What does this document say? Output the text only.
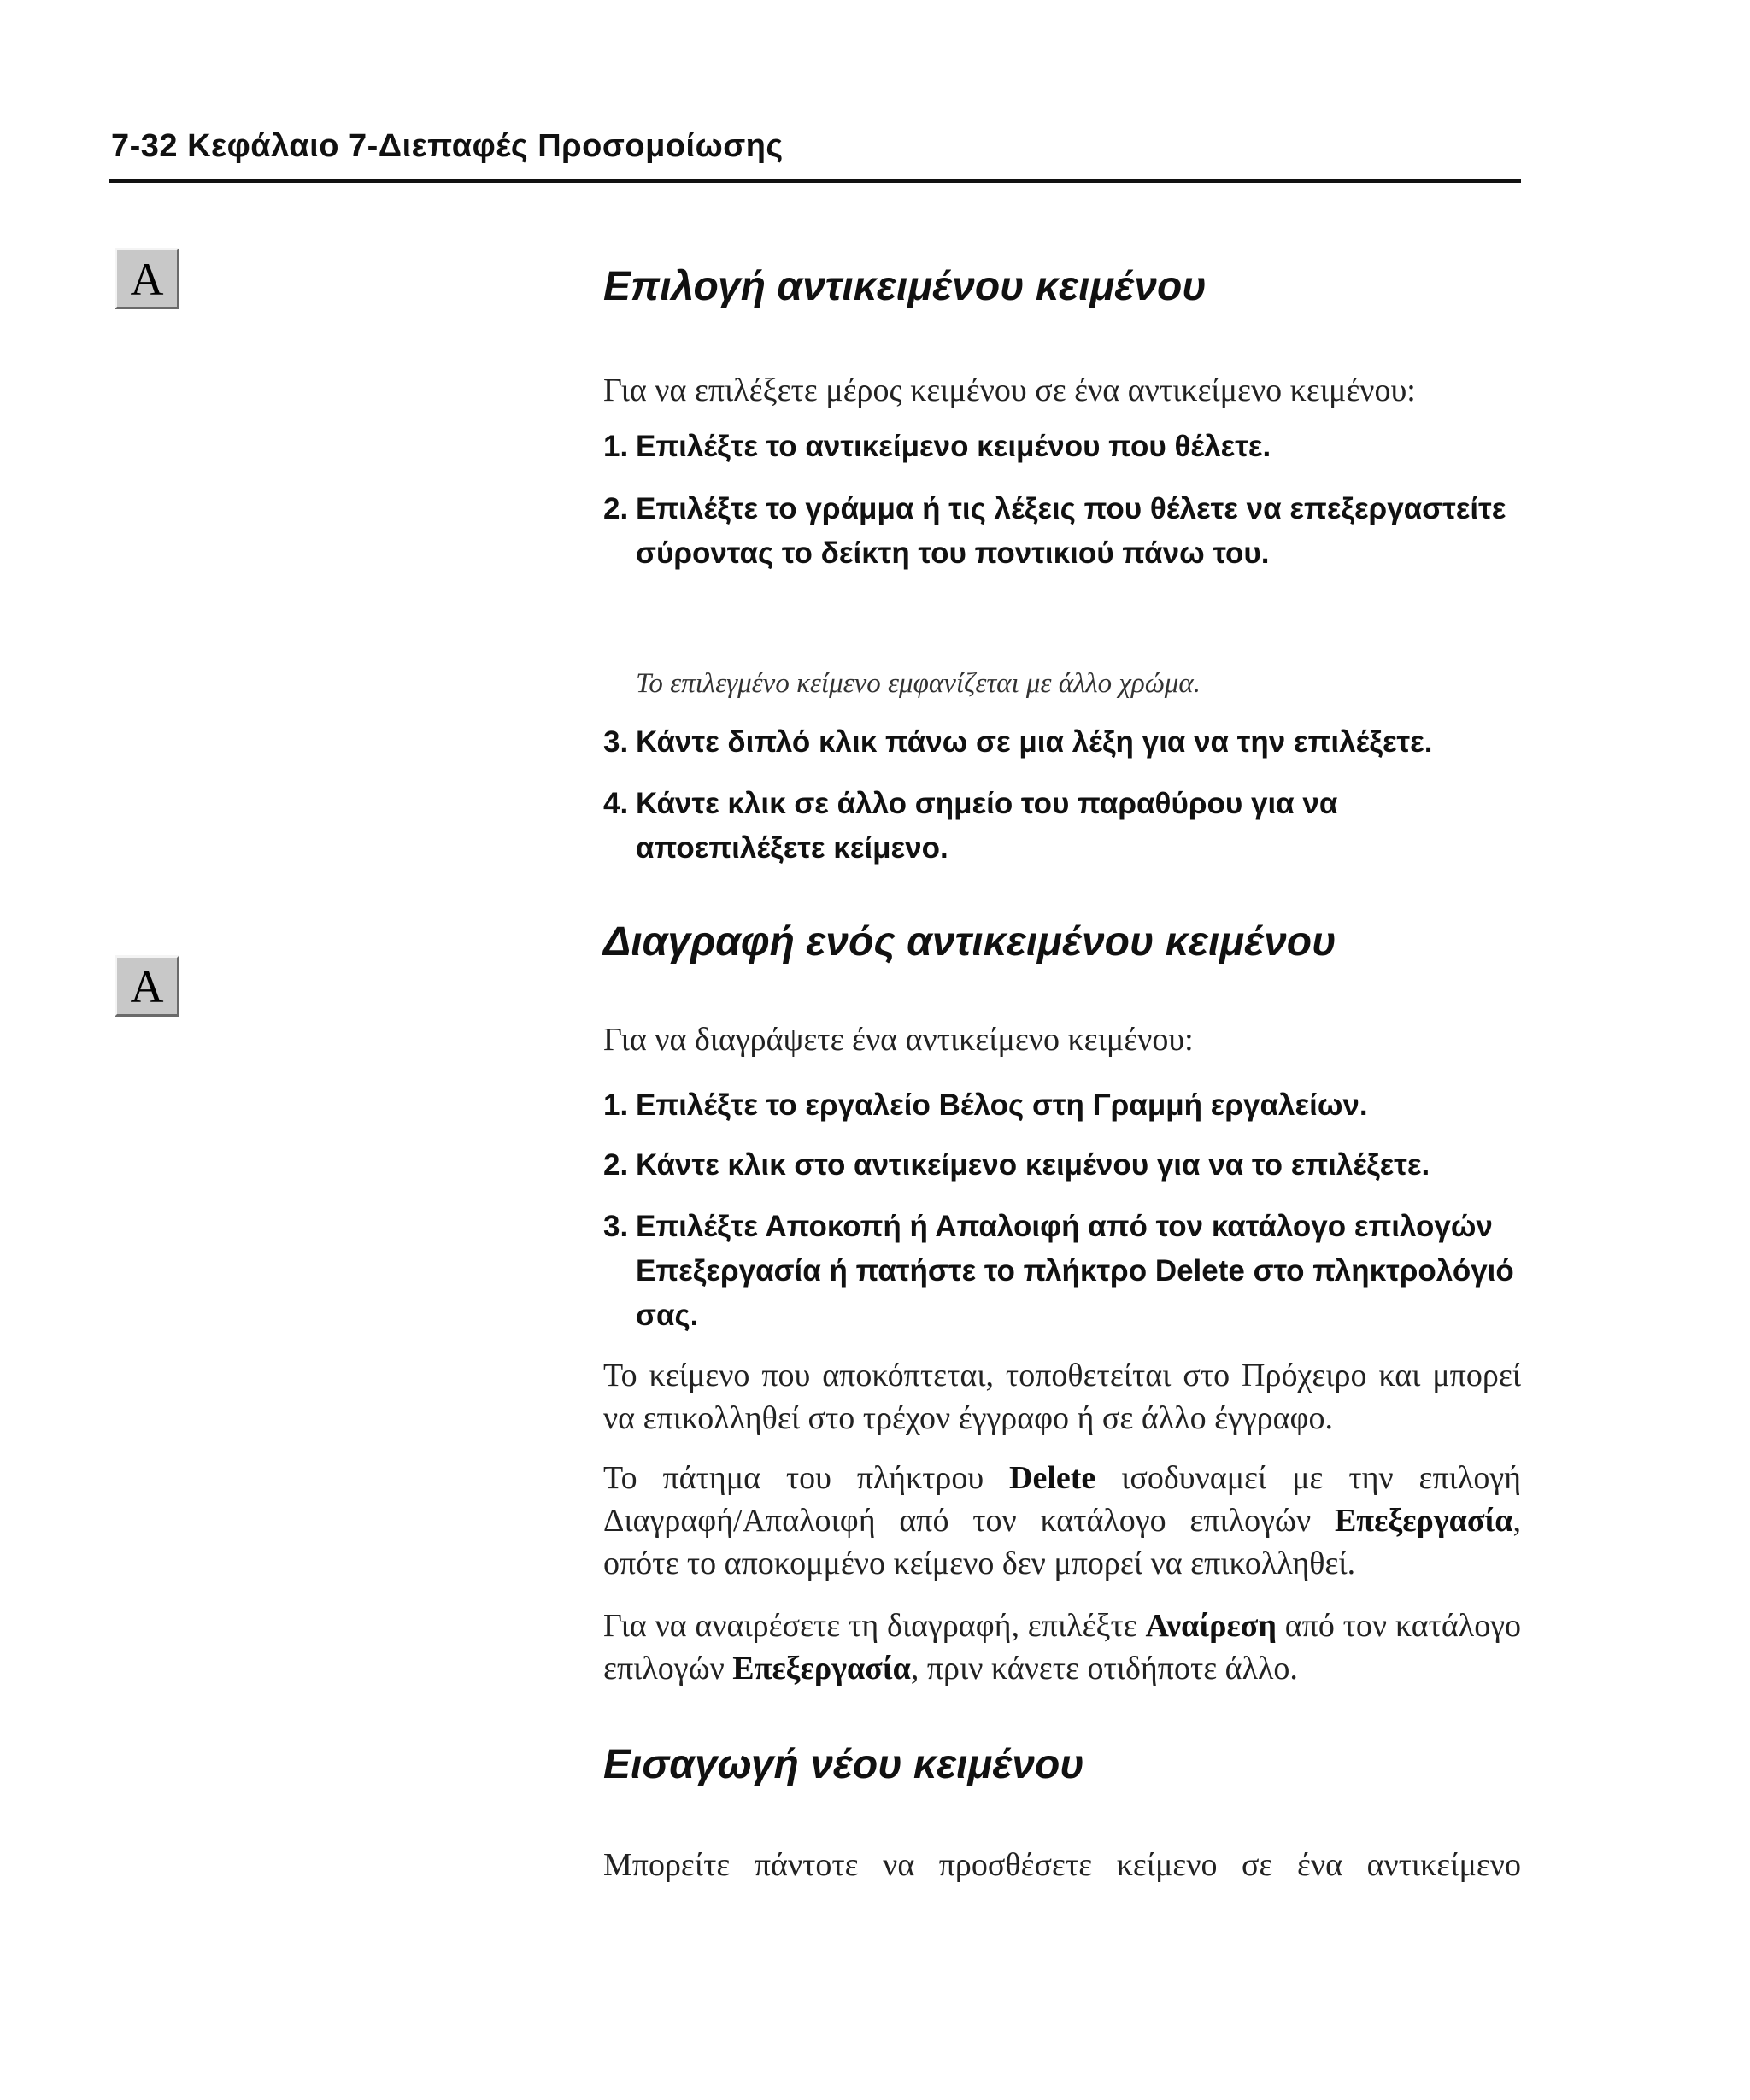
7-32 Κεφάλαιο 7-Διεπαφές Προσομοίωσης
A
A
Επιλογή αντικειμένου κειμένου
Για να επιλέξετε μέρος κειμένου σε ένα αντικείμενο κειμένου:
1. Επιλέξτε το αντικείμενο κειμένου που θέλετε.
2. Επιλέξτε το γράμμα ή τις λέξεις που θέλετε να επεξεργαστείτε σύροντας το δείκτη του ποντικιού πάνω του.
Το επιλεγμένο κείμενο εμφανίζεται με άλλο χρώμα.
3. Κάντε διπλό κλικ πάνω σε μια λέξη για να την επιλέξετε.
4. Κάντε κλικ σε άλλο σημείο του παραθύρου για να αποεπιλέξετε κείμενο.
Διαγραφή ενός αντικειμένου κειμένου
Για να διαγράψετε ένα αντικείμενο κειμένου:
1. Επιλέξτε το εργαλείο Βέλος στη Γραμμή εργαλείων.
2. Κάντε κλικ στο αντικείμενο κειμένου για να το επιλέξετε.
3. Επιλέξτε Αποκοπή ή Απαλοιφή από τον κατάλογο επιλογών Επεξεργασία ή πατήστε το πλήκτρο Delete στο πληκτρολόγιό σας.
Το κείμενο που αποκόπτεται, τοποθετείται στο Πρόχειρο και μπορεί να επικολληθεί στο τρέχον έγγραφο ή σε άλλο έγγραφο.
Το πάτημα του πλήκτρου Delete ισοδυναμεί με την επιλογή Διαγραφή/Απαλοιφή από τον κατάλογο επιλογών Επεξεργασία, οπότε το αποκομμένο κείμενο δεν μπορεί να επικολληθεί.
Για να αναιρέσετε τη διαγραφή, επιλέξτε Αναίρεση από τον κατάλογο επιλογών Επεξεργασία, πριν κάνετε οτιδήποτε άλλο.
Εισαγωγή νέου κειμένου
Μπορείτε πάντοτε να προσθέσετε κείμενο σε ένα αντικείμενο
